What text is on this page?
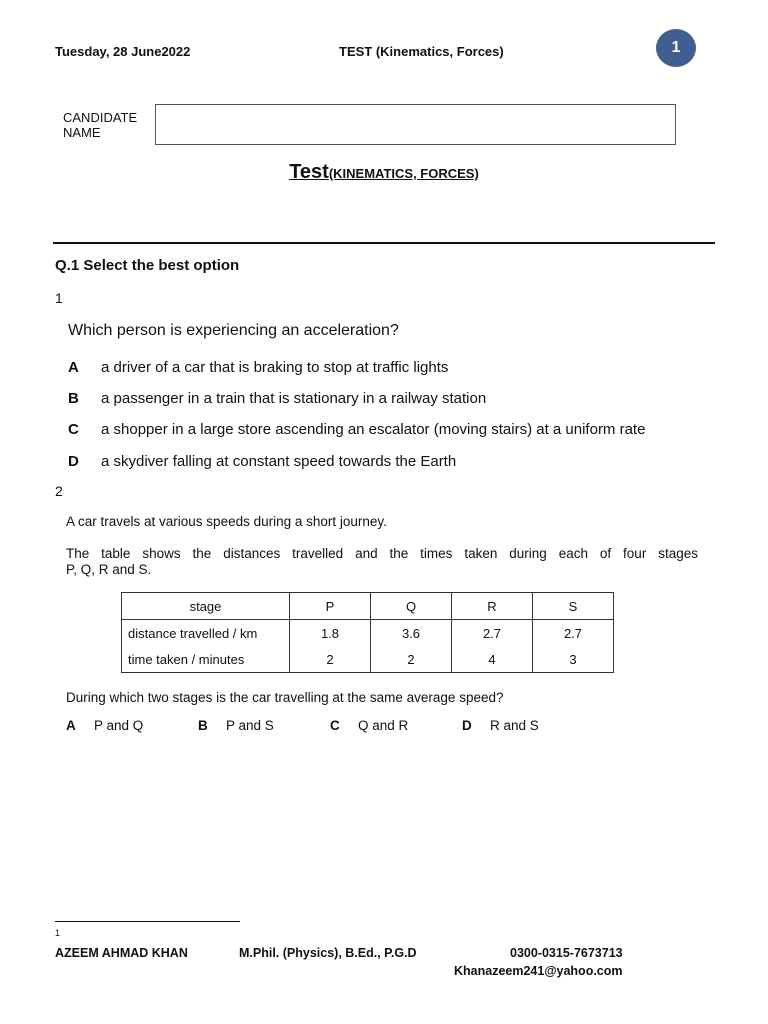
Tuesday, 28 June2022	TEST (Kinematics, Forces)	1
CANDIDATE
NAME
Test(KINEMATICS, FORCES)
Q.1 Select the best option
1
Which person is experiencing an acceleration?
A	a driver of a car that is braking to stop at traffic lights
B	a passenger in a train that is stationary in a railway station
C	a shopper in a large store ascending an escalator (moving stairs) at a uniform rate
D	a skydiver falling at constant speed towards the Earth
2
A car travels at various speeds during a short journey.
The table shows the distances travelled and the times taken during each of four stages
P, Q, R and S.
stage	P	Q	R	S
distance travelled / km	1.8	3.6	2.7	2.7
time taken / minutes	2	2	4	3
During which two stages is the car travelling at the same average speed?
A	P and Q	B	P and S	C	Q and R	D	R and S
1
AZEEM AHMAD KHAN	M.Phil. (Physics), B.Ed., P.G.D	0300-0315-7673713
Khanazeem241@yahoo.com
